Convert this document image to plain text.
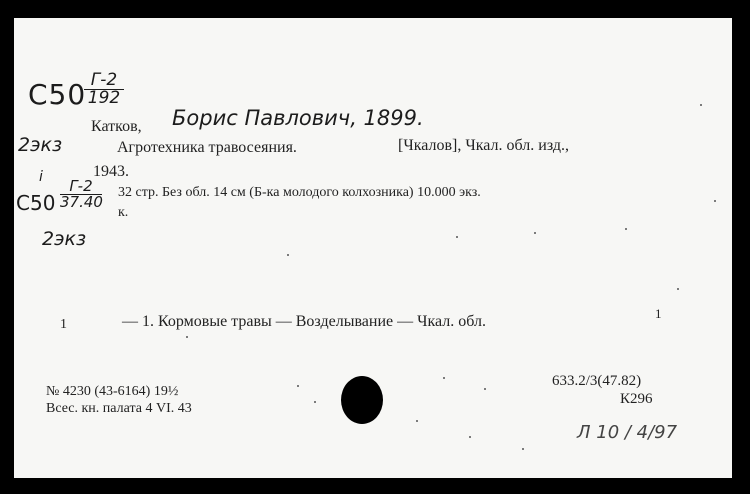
С50 Г-2
192
Катков, Борис Павлович, 1899.
2экз	Агротехника травосеяния.	[Чкалов], Чкал. обл. изд.,
1943.
i
С50
Г-2
37.40
32 стр. Без обл. 14 см (Б-ка молодого колхозника) 10.000 экз.
к.
2экз
1	— 1. Кормовые травы — Возделывание — Чкал. обл.	1
№ 4230 (43-6164) 19½
Всес. кн. палата 4 VI. 43
633.2/3(47.82)
К296
Л 10 / 4/97
